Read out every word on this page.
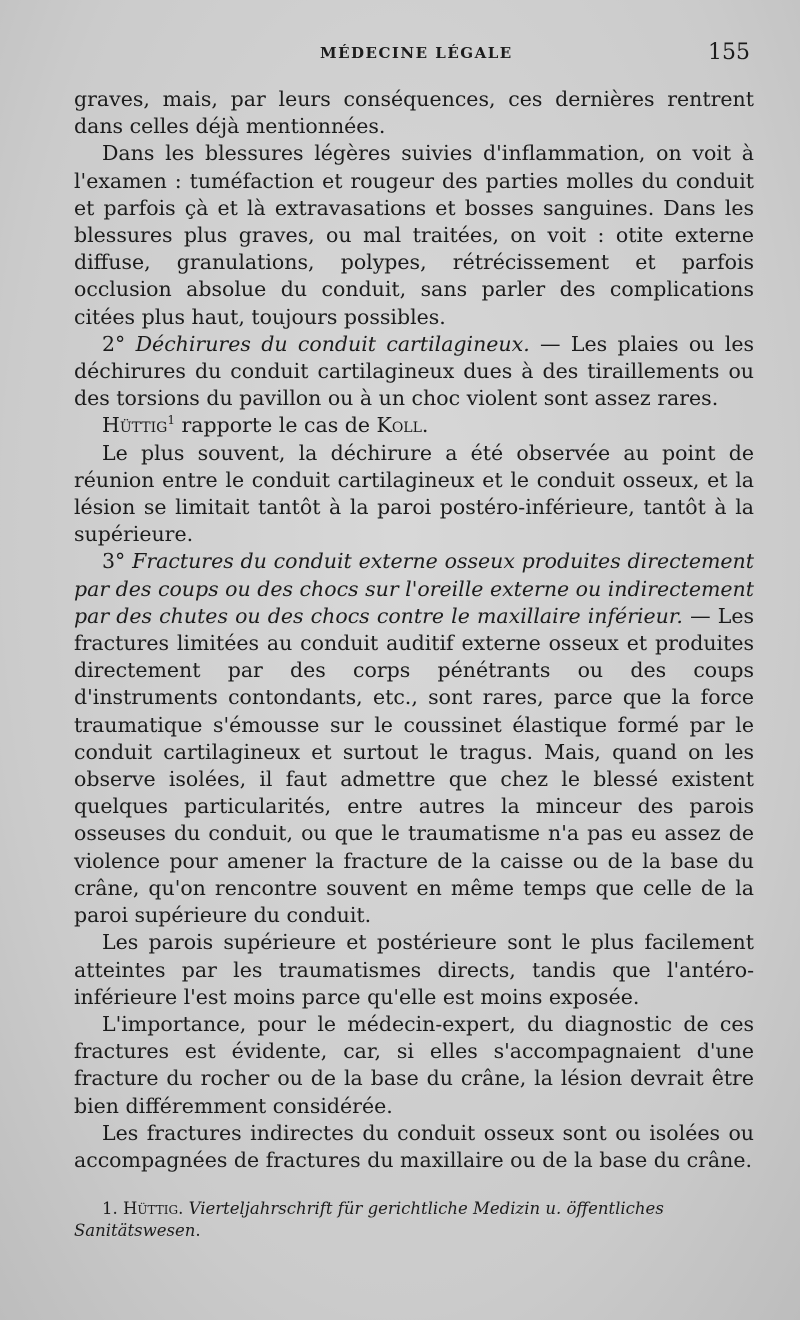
MÉDECINE LÉGALE	155

graves, mais, par leurs conséquences, ces dernières rentrent dans celles déjà mentionnées.

Dans les blessures légères suivies d'inflammation, on voit à l'examen : tuméfaction et rougeur des parties molles du conduit et parfois çà et là extravasations et bosses sanguines. Dans les blessures plus graves, ou mal traitées, on voit : otite externe diffuse, granulations, polypes, rétrécissement et parfois occlusion absolue du conduit, sans parler des complications citées plus haut, toujours possibles.

2° Déchirures du conduit cartilagineux. — Les plaies ou les déchirures du conduit cartilagineux dues à des tiraillements ou des torsions du pavillon ou à un choc violent sont assez rares.

Hüttig$^1$ rapporte le cas de Koll.

Le plus souvent, la déchirure a été observée au point de réunion entre le conduit cartilagineux et le conduit osseux, et la lésion se limitait tantôt à la paroi postéro-inférieure, tantôt à la supérieure.

3° Fractures du conduit externe osseux produites directement par des coups ou des chocs sur l'oreille externe ou indirectement par des chutes ou des chocs contre le maxillaire inférieur. — Les fractures limitées au conduit auditif externe osseux et produites directement par des corps pénétrants ou des coups d'instruments contondants, etc., sont rares, parce que la force traumatique s'émousse sur le coussinet élastique formé par le conduit cartilagineux et surtout le tragus. Mais, quand on les observe isolées, il faut admettre que chez le blessé existent quelques particularités, entre autres la minceur des parois osseuses du conduit, ou que le traumatisme n'a pas eu assez de violence pour amener la fracture de la caisse ou de la base du crâne, qu'on rencontre souvent en même temps que celle de la paroi supérieure du conduit.

Les parois supérieure et postérieure sont le plus facilement atteintes par les traumatismes directs, tandis que l'antéro-inférieure l'est moins parce qu'elle est moins exposée.

L'importance, pour le médecin-expert, du diagnostic de ces fractures est évidente, car, si elles s'accompagnaient d'une fracture du rocher ou de la base du crâne, la lésion devrait être bien différemment considérée.

Les fractures indirectes du conduit osseux sont ou isolées ou accompagnées de fractures du maxillaire ou de la base du crâne.

1. Hüttig. Vierteljahrschrift für gerichtliche Medizin u. öffentliches Sanitätswesen.
